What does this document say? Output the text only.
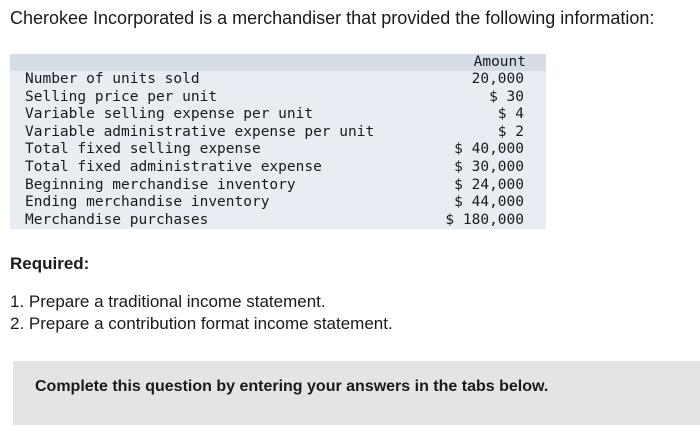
Cherokee Incorporated is a merchandiser that provided the following information:
Amount
Number of units sold	20,000
Selling price per unit	$ 30
Variable selling expense per unit	$ 4
Variable administrative expense per unit	$ 2
Total fixed selling expense	$ 40,000
Total fixed administrative expense	$ 30,000
Beginning merchandise inventory	$ 24,000
Ending merchandise inventory	$ 44,000
Merchandise purchases	$ 180,000
Required:
1. Prepare a traditional income statement.
2. Prepare a contribution format income statement.
Complete this question by entering your answers in the tabs below.
